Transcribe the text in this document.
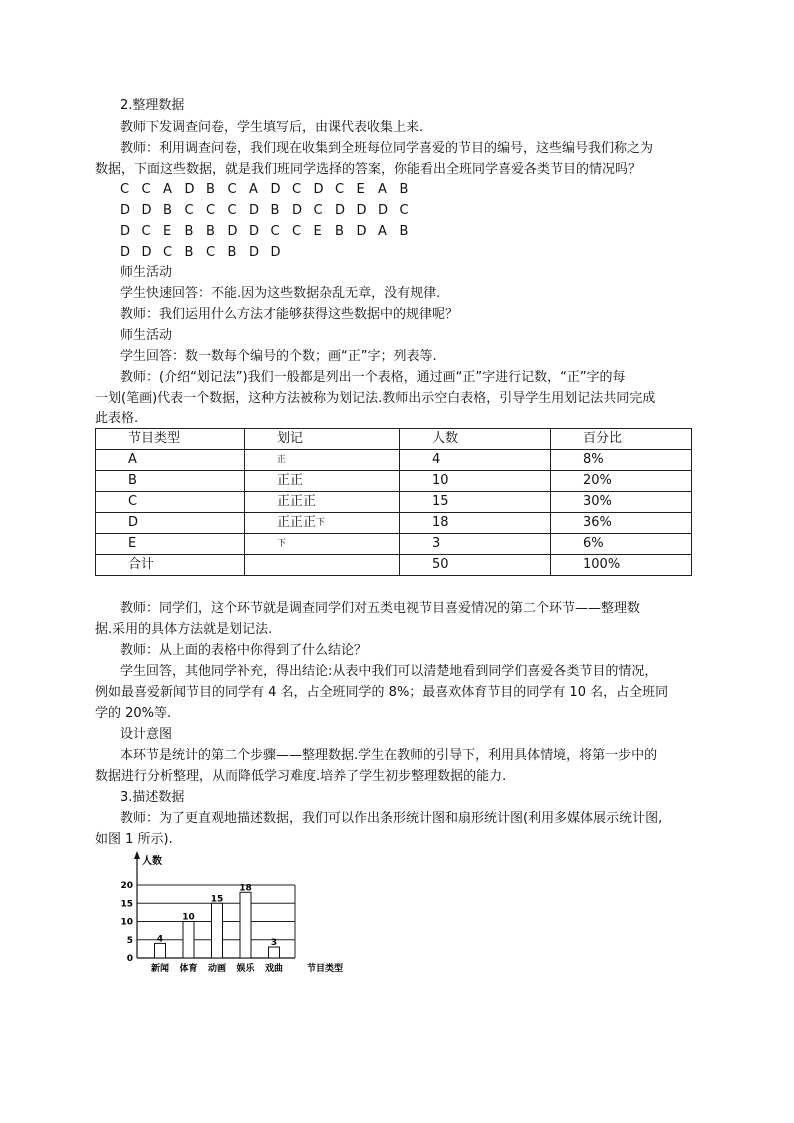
2.整理数据
教师下发调查问卷，学生填写后，由课代表收集上来.
教师：利用调查问卷，我们现在收集到全班每位同学喜爱的节目的编号，这些编号我们称之为
数据，下面这些数据，就是我们班同学选择的答案，你能看出全班同学喜爱各类节目的情况吗？
C C A D B C A D C D C E	A B
D D B C C C D B D C D D D C
D C E	B B D D C C E	B D A B
D D C B C B D D
师生活动
学生快速回答：不能.因为这些数据杂乱无章，没有规律.
教师：我们运用什么方法才能够获得这些数据中的规律呢？
师生活动
学生回答：数一数每个编号的个数；画“正”字；列表等.
教师：(介绍“划记法”)我们一般都是列出一个表格，通过画“正”字进行记数，“正”字的每
一划(笔画)代表一个数据，这种方法被称为划记法.教师出示空白表格，引导学生用划记法共同完成
此表格.
节目类型	划记	人数	百分比
A	正	4	8%
B	正正	10	20%
C	正正正	15	30%
D	正正正下	18	36%
E	下	3	6%
合计		50	100%
教师：同学们，这个环节就是调查同学们对五类电视节目喜爱情况的第二个环节——整理数
据.采用的具体方法就是划记法.
教师：从上面的表格中你得到了什么结论？
学生回答，其他同学补充，得出结论:从表中我们可以清楚地看到同学们喜爱各类节目的情况，
例如最喜爱新闻节目的同学有 4 名，占全班同学的 8%；最喜欢体育节目的同学有 10 名，占全班同
学的 20%等.
设计意图
本环节是统计的第二个步骤——整理数据.学生在教师的引导下，利用具体情境，将第一步中的
数据进行分析整理，从而降低学习难度.培养了学生初步整理数据的能力.
3.描述数据
教师：为了更直观地描述数据，我们可以作出条形统计图和扇形统计图(利用多媒体展示统计图,
如图 1 所示).
人数
4
10
15
18
3
0
5
10
15
20
新闻 体育 动画 娱乐 戏曲	节目类型
